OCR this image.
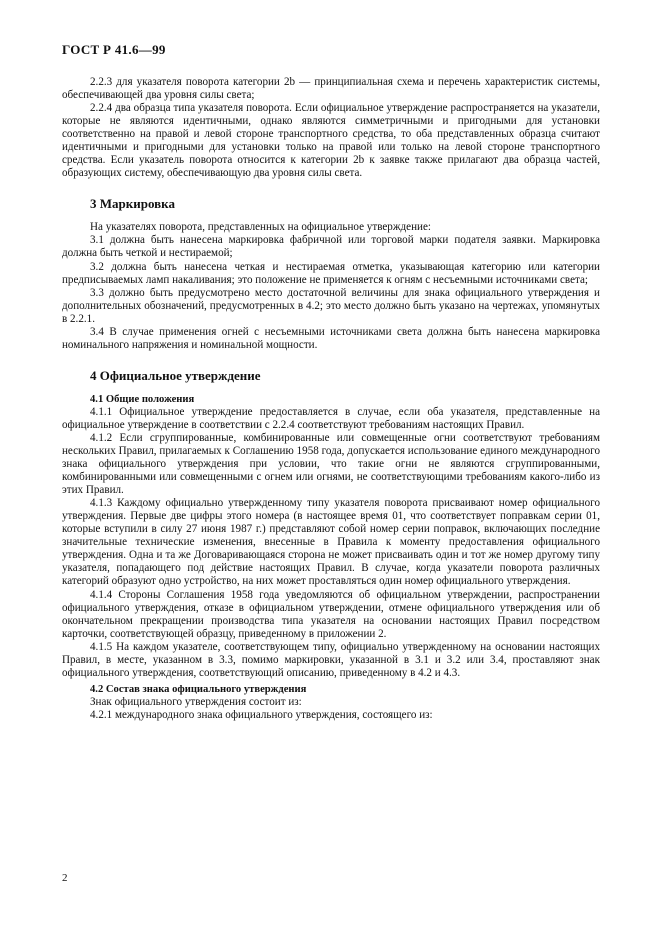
ГОСТ Р 41.6—99

2.2.3 для указателя поворота категории 2b — принципиальная схема и перечень характеристик системы, обеспечивающей два уровня силы света;

2.2.4 два образца типа указателя поворота. Если официальное утверждение распространяется на указатели, которые не являются идентичными, однако являются симметричными и пригодными для установки соответственно на правой и левой стороне транспортного средства, то оба представленных образца считают идентичными и пригодными для установки только на правой или только на левой стороне транспортного средства. Если указатель поворота относится к категории 2b к заявке также прилагают два образца частей, образующих систему, обеспечивающую два уровня силы света.

3 Маркировка

На указателях поворота, представленных на официальное утверждение:

3.1 должна быть нанесена маркировка фабричной или торговой марки подателя заявки. Маркировка должна быть четкой и нестираемой;

3.2 должна быть нанесена четкая и нестираемая отметка, указывающая категорию или категории предписываемых ламп накаливания; это положение не применяется к огням с несъемными источниками света;

3.3 должно быть предусмотрено место достаточной величины для знака официального утверждения и дополнительных обозначений, предусмотренных в 4.2; это место должно быть указано на чертежах, упомянутых в 2.2.1.

3.4 В случае применения огней с несъемными источниками света должна быть нанесена маркировка номинального напряжения и номинальной мощности.

4 Официальное утверждение
4.1 Общие положения

4.1.1 Официальное утверждение предоставляется в случае, если оба указателя, представленные на официальное утверждение в соответствии с 2.2.4 соответствуют требованиям настоящих Правил.

4.1.2 Если сгруппированные, комбинированные или совмещенные огни соответствуют требованиям нескольких Правил, прилагаемых к Соглашению 1958 года, допускается использование единого международного знака официального утверждения при условии, что такие огни не являются сгруппированными, комбинированными или совмещенными с огнем или огнями, не соответствующими требованиям какого-либо из этих Правил.

4.1.3 Каждому официально утвержденному типу указателя поворота присваивают номер официального утверждения. Первые две цифры этого номера (в настоящее время 01, что соответствует поправкам серии 01, которые вступили в силу 27 июня 1987 г.) представляют собой номер серии поправок, включающих последние значительные технические изменения, внесенные в Правила к моменту предоставления официального утверждения. Одна и та же Договаривающаяся сторона не может присваивать один и тот же номер другому типу указателя, попадающего под действие настоящих Правил. В случае, когда указатели поворота различных категорий образуют одно устройство, на них может проставляться один номер официального утверждения.

4.1.4 Стороны Соглашения 1958 года уведомляются об официальном утверждении, распространении официального утверждения, отказе в официальном утверждении, отмене официального утверждения или об окончательном прекращении производства типа указателя на основании настоящих Правил посредством карточки, соответствующей образцу, приведенному в приложении 2.

4.1.5 На каждом указателе, соответствующем типу, официально утвержденному на основании настоящих Правил, в месте, указанном в 3.3, помимо маркировки, указанной в 3.1 и 3.2 или 3.4, проставляют знак официального утверждения, соответствующий описанию, приведенному в 4.2 и 4.3.

4.2 Состав знака официального утверждения

Знак официального утверждения состоит из:

4.2.1 международного знака официального утверждения, состоящего из:

2
